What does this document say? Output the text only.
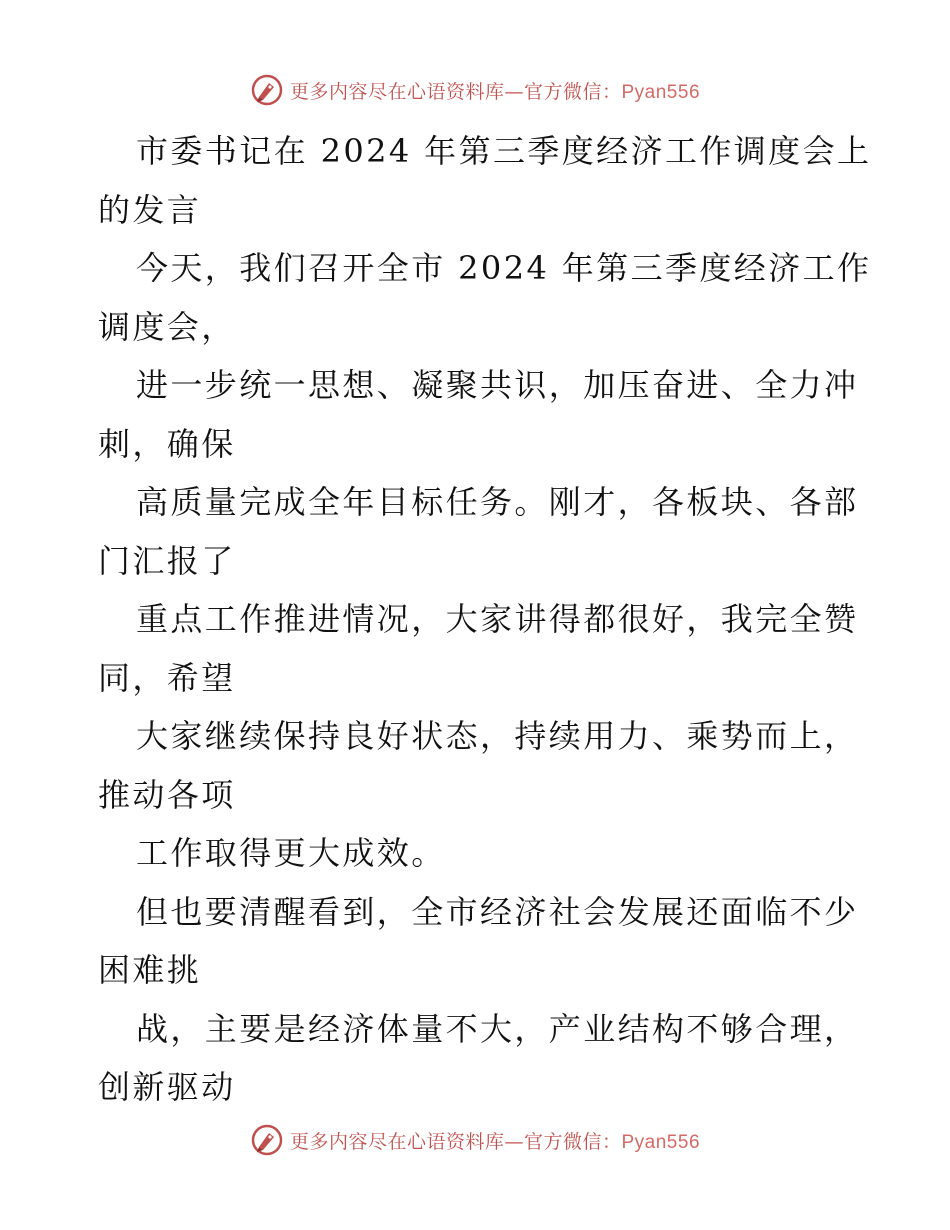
更多内容尽在心语资料库—官方微信：Pyan556
市委书记在 2024 年第三季度经济工作调度会上
的发言
今天，我们召开全市 2024 年第三季度经济工作
调度会，
进一步统一思想、凝聚共识，加压奋进、全力冲
刺，确保
高质量完成全年目标任务。刚才，各板块、各部
门汇报了
重点工作推进情况，大家讲得都很好，我完全赞
同，希望
大家继续保持良好状态，持续用力、乘势而上，
推动各项
工作取得更大成效。
但也要清醒看到，全市经济社会发展还面临不少
困难挑
战，主要是经济体量不大，产业结构不够合理，
创新驱动
更多内容尽在心语资料库—官方微信：Pyan556
